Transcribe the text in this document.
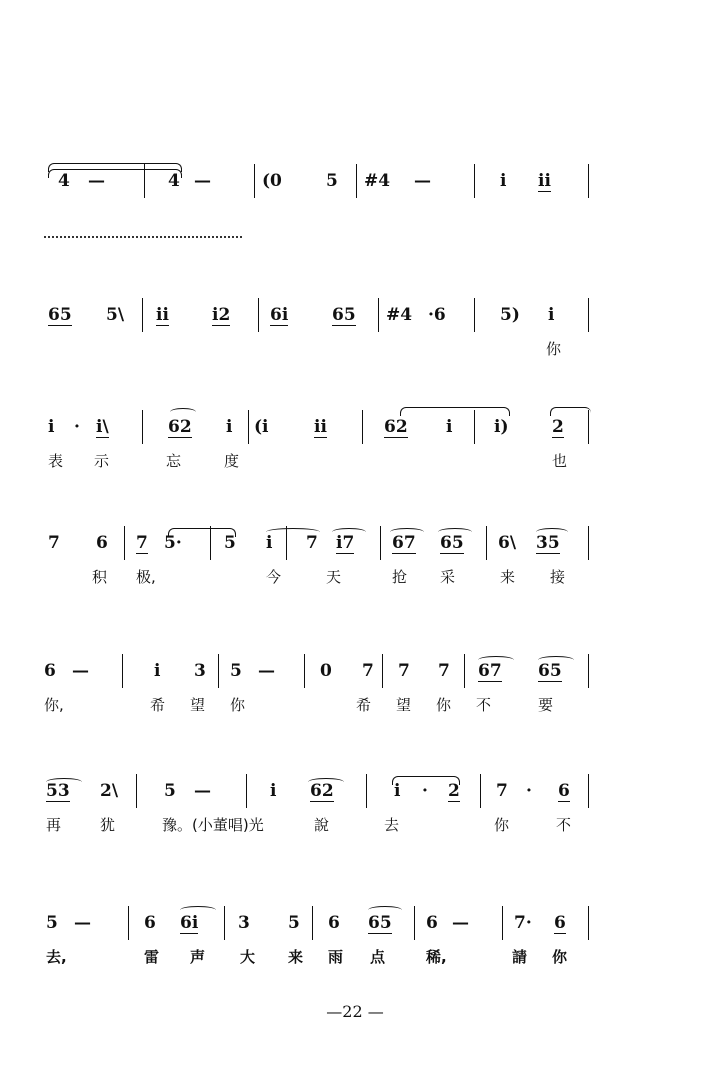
4 —	4 —	(0	5 #4 —	i ii
65 5\ ii	i2 6i	65 #4 ·6	5) i
你
i · i\	62 i (i	ii	62 i i)	2
表 示	忘	度	也
7 6 7 5· 5 i 7 i7 67 65 6\ 35
积 极,	今	天	抢 采	来 接
6 —	i 3 5 —	0 7 7 7 67 65
你,	希 望 你	希 望 你 不	要
53 2\	5 —	i 62	i · 2 7 · 6
再	犹	豫。(小董唱)光	說	去	你	不
5 —	6 6i 3 5 6 65 6 —	7· 6
去,	雷 声 大 来 雨 点	稀,	請 你
—22 —
